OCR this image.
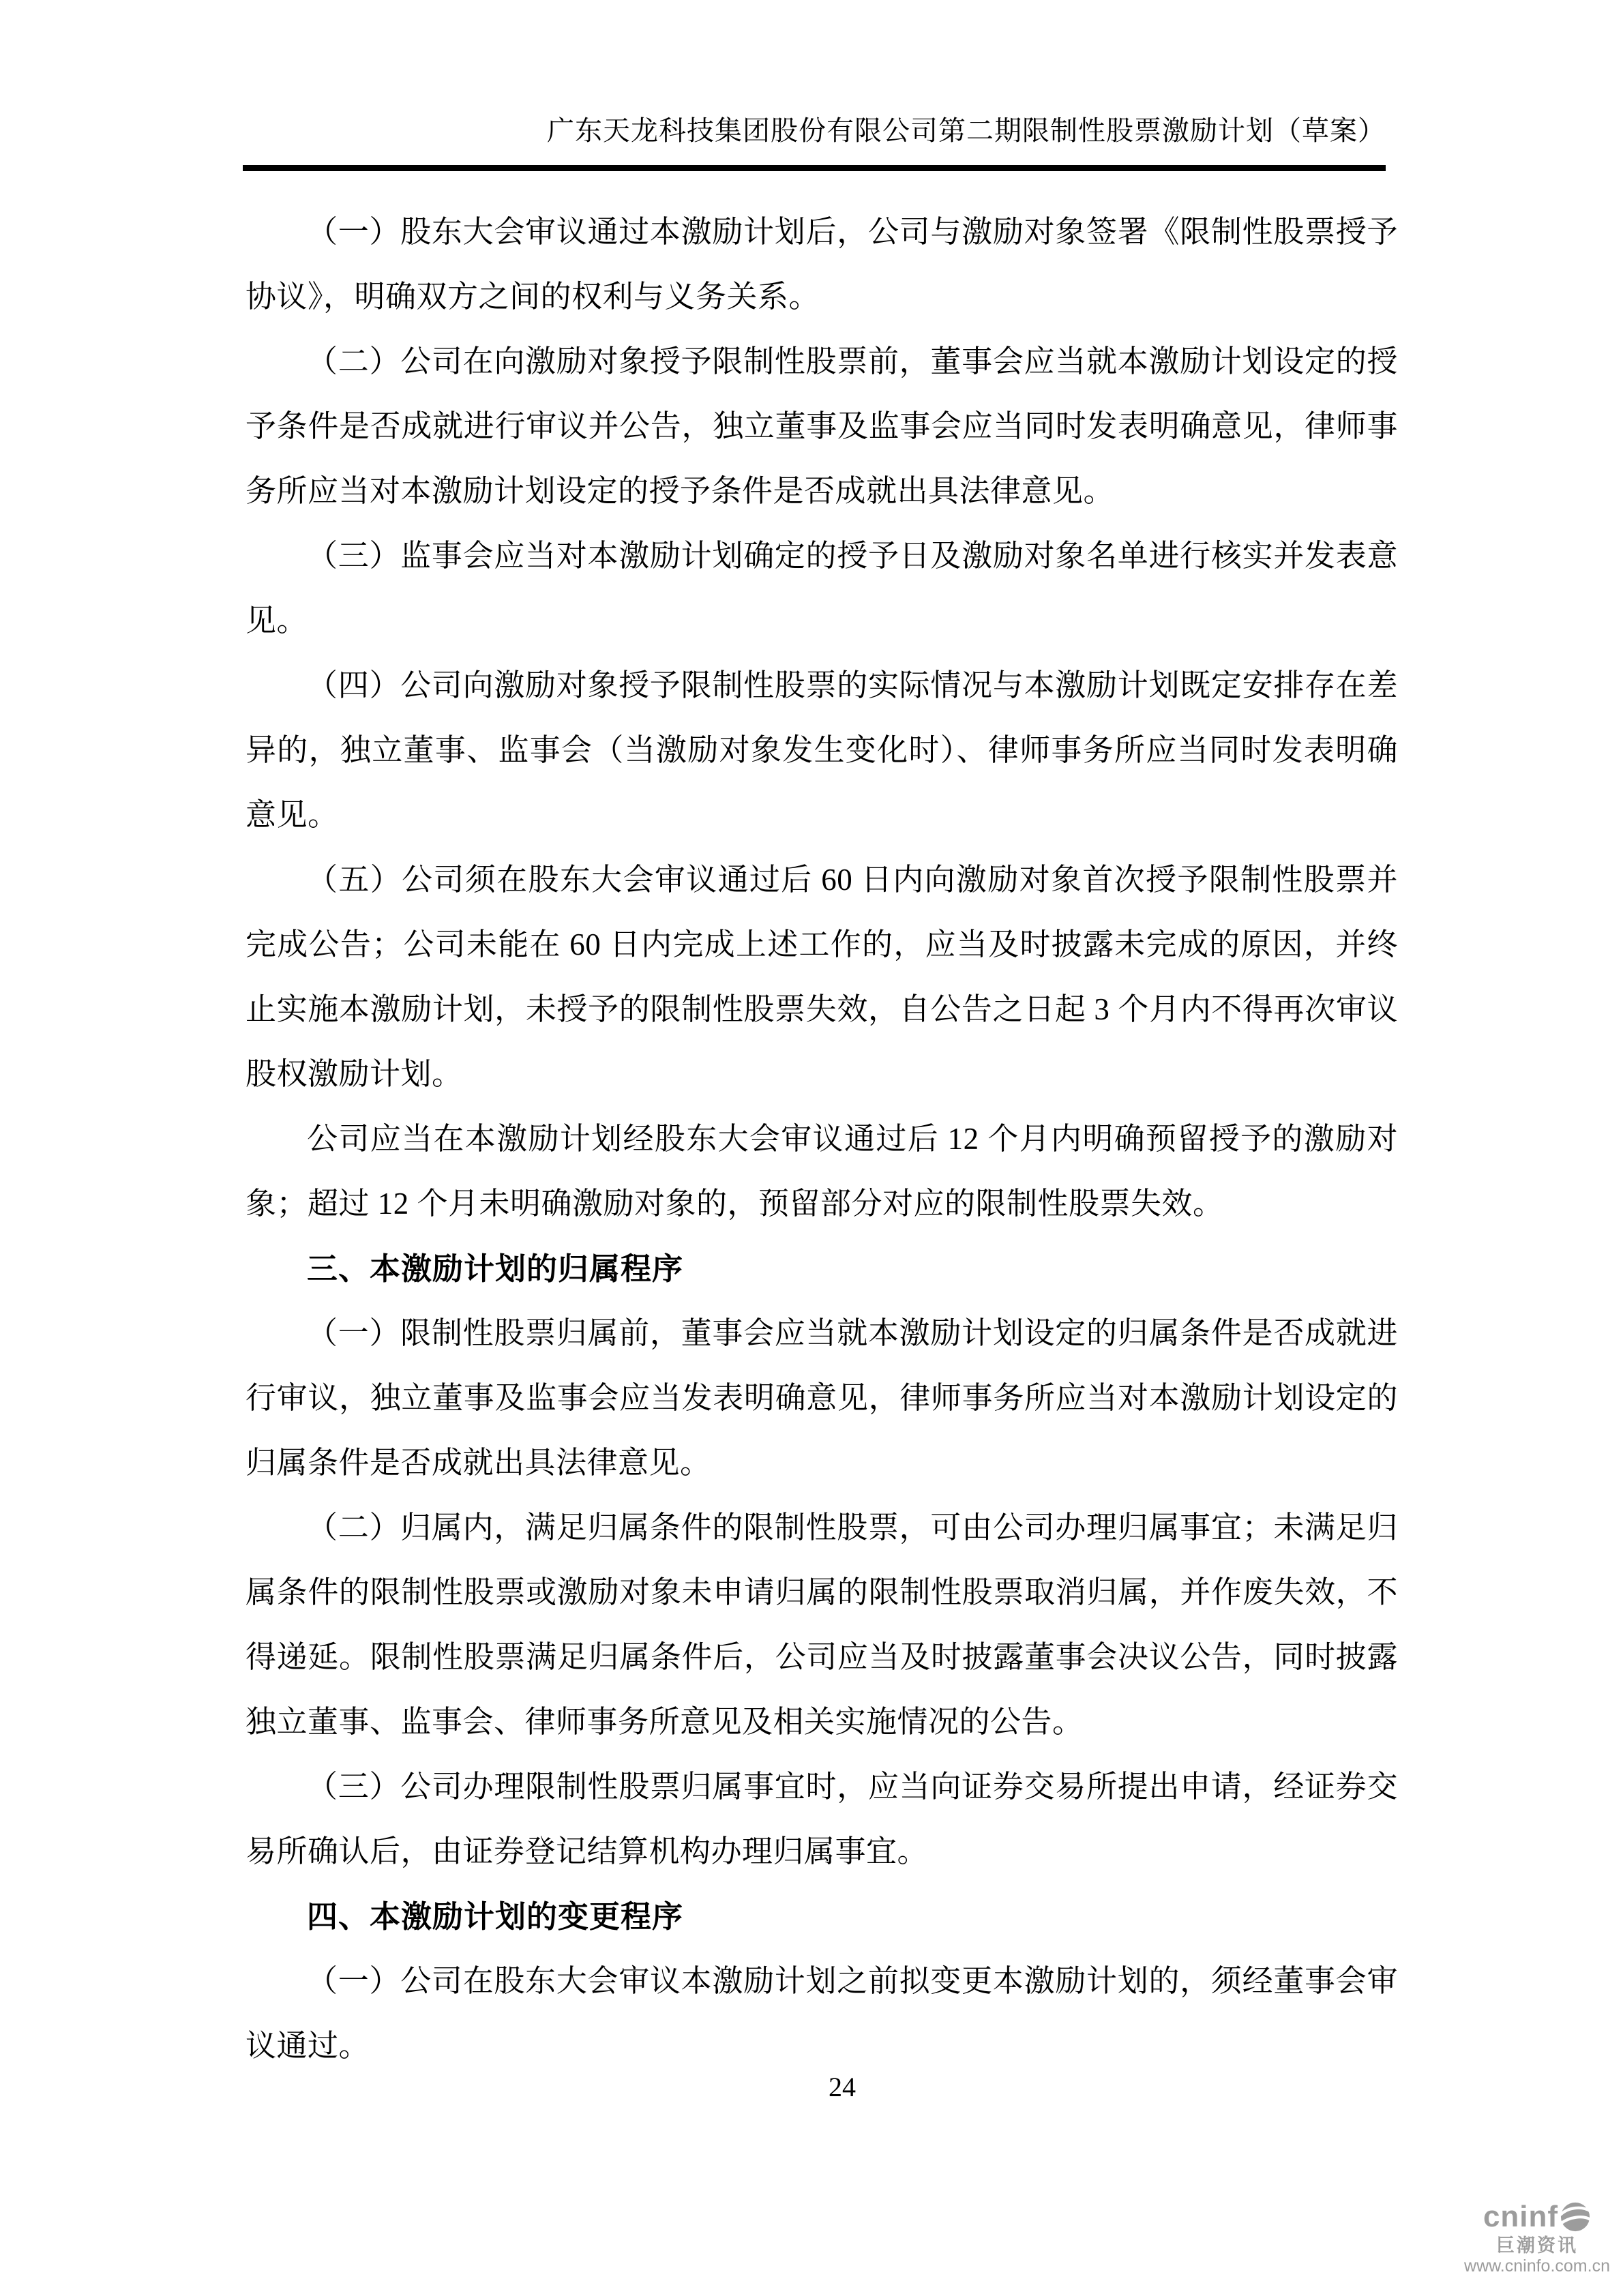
广东天龙科技集团股份有限公司第二期限制性股票激励计划（草案）

（一）股东大会审议通过本激励计划后，公司与激励对象签署《限制性股票授予协议》，明确双方之间的权利与义务关系。

（二）公司在向激励对象授予限制性股票前，董事会应当就本激励计划设定的授予条件是否成就进行审议并公告，独立董事及监事会应当同时发表明确意见，律师事务所应当对本激励计划设定的授予条件是否成就出具法律意见。

（三）监事会应当对本激励计划确定的授予日及激励对象名单进行核实并发表意见。

（四）公司向激励对象授予限制性股票的实际情况与本激励计划既定安排存在差异的，独立董事、监事会（当激励对象发生变化时）、律师事务所应当同时发表明确意见。

（五）公司须在股东大会审议通过后 60 日内向激励对象首次授予限制性股票并完成公告；公司未能在 60 日内完成上述工作的，应当及时披露未完成的原因，并终止实施本激励计划，未授予的限制性股票失效，自公告之日起 3 个月内不得再次审议股权激励计划。

公司应当在本激励计划经股东大会审议通过后 12 个月内明确预留授予的激励对象；超过 12 个月未明确激励对象的，预留部分对应的限制性股票失效。

三、本激励计划的归属程序

（一）限制性股票归属前，董事会应当就本激励计划设定的归属条件是否成就进行审议，独立董事及监事会应当发表明确意见，律师事务所应当对本激励计划设定的归属条件是否成就出具法律意见。

（二）归属内，满足归属条件的限制性股票，可由公司办理归属事宜；未满足归属条件的限制性股票或激励对象未申请归属的限制性股票取消归属，并作废失效，不得递延。限制性股票满足归属条件后，公司应当及时披露董事会决议公告，同时披露独立董事、监事会、律师事务所意见及相关实施情况的公告。

（三）公司办理限制性股票归属事宜时，应当向证券交易所提出申请，经证券交易所确认后，由证券登记结算机构办理归属事宜。

四、本激励计划的变更程序

（一）公司在股东大会审议本激励计划之前拟变更本激励计划的，须经董事会审议通过。

24
cninf
巨潮资讯
www.cninfo.com.cn
